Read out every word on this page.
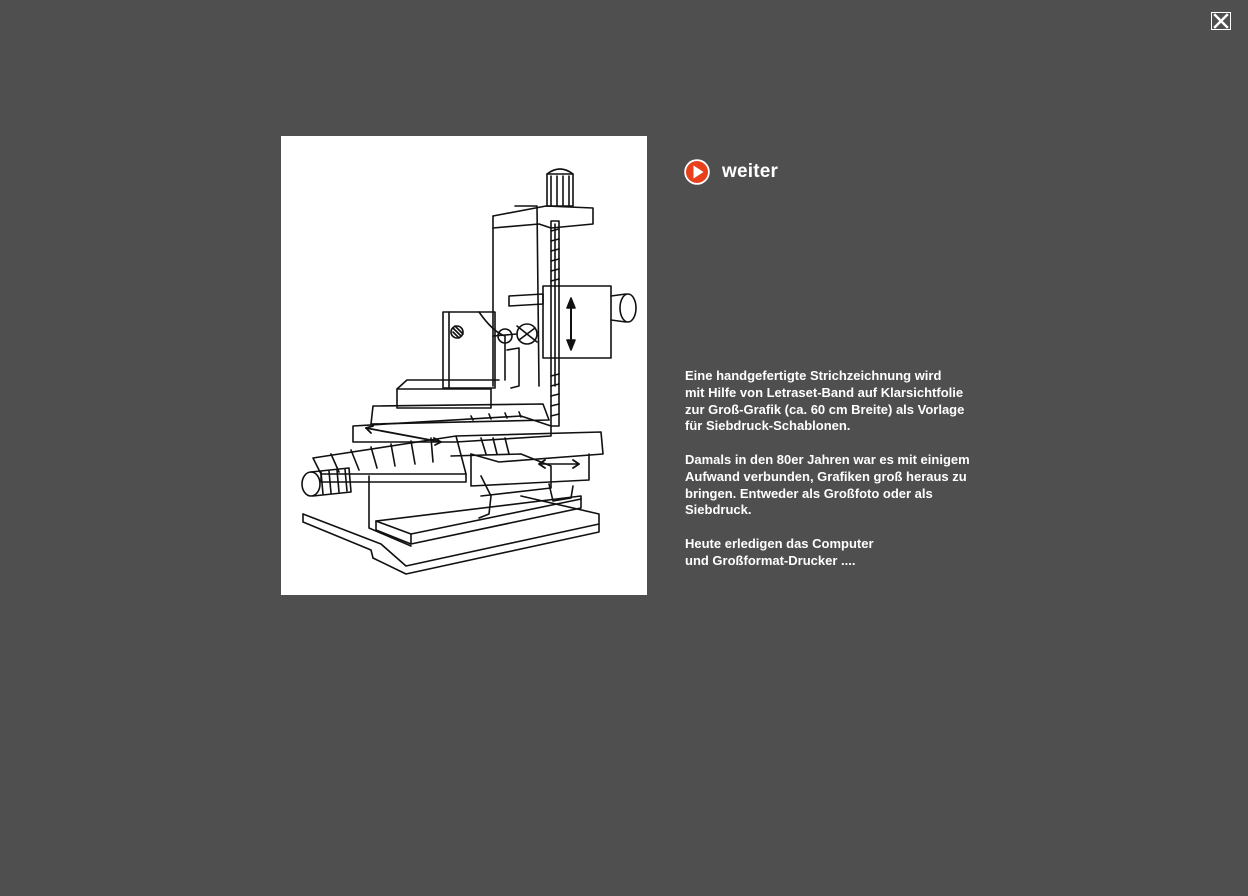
weiter

Eine handgefertigte Strichzeichnung wird
mit Hilfe von Letraset-Band auf Klarsichtfolie
zur Groß-Grafik (ca. 60 cm Breite) als Vorlage
für Siebdruck-Schablonen.

Damals in den 80er Jahren war es mit einigem
Aufwand verbunden, Grafiken groß heraus zu
bringen. Entweder als Großfoto oder als
Siebdruck.

Heute erledigen das Computer
und Großformat-Drucker ....
